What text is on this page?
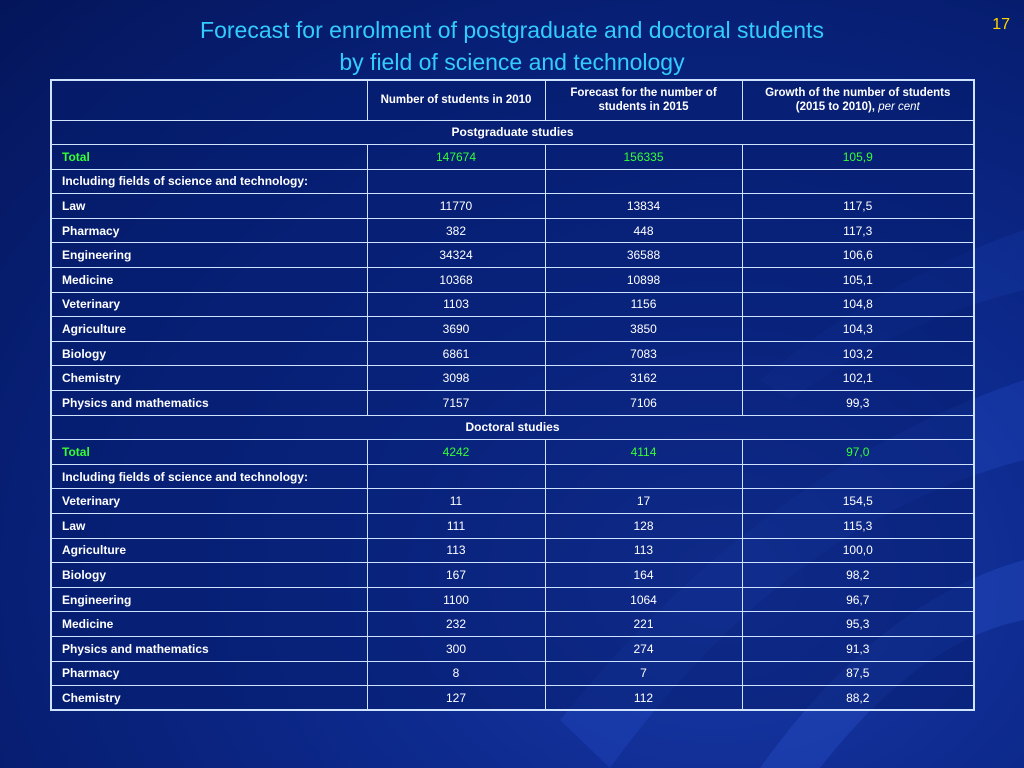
Forecast for enrolment of postgraduate and doctoral students
by field of science and technology
17
	Number of students in 2010	Forecast for the number of students in 2015	Growth of the number of students (2015 to 2010), per cent
Postgraduate studies			
Total	147674	156335	105,9
Including fields of science and technology:			
Law	11770	13834	117,5
Pharmacy	382	448	117,3
Engineering	34324	36588	106,6
Medicine	10368	10898	105,1
Veterinary	1103	1156	104,8
Agriculture	3690	3850	104,3
Biology	6861	7083	103,2
Chemistry	3098	3162	102,1
Physics and mathematics	7157	7106	99,3
Doctoral studies			
Total	4242	4114	97,0
Including fields of science and technology:			
Veterinary	11	17	154,5
Law	111	128	115,3
Agriculture	113	113	100,0
Biology	167	164	98,2
Engineering	1100	1064	96,7
Medicine	232	221	95,3
Physics and mathematics	300	274	91,3
Pharmacy	8	7	87,5
Chemistry	127	112	88,2
